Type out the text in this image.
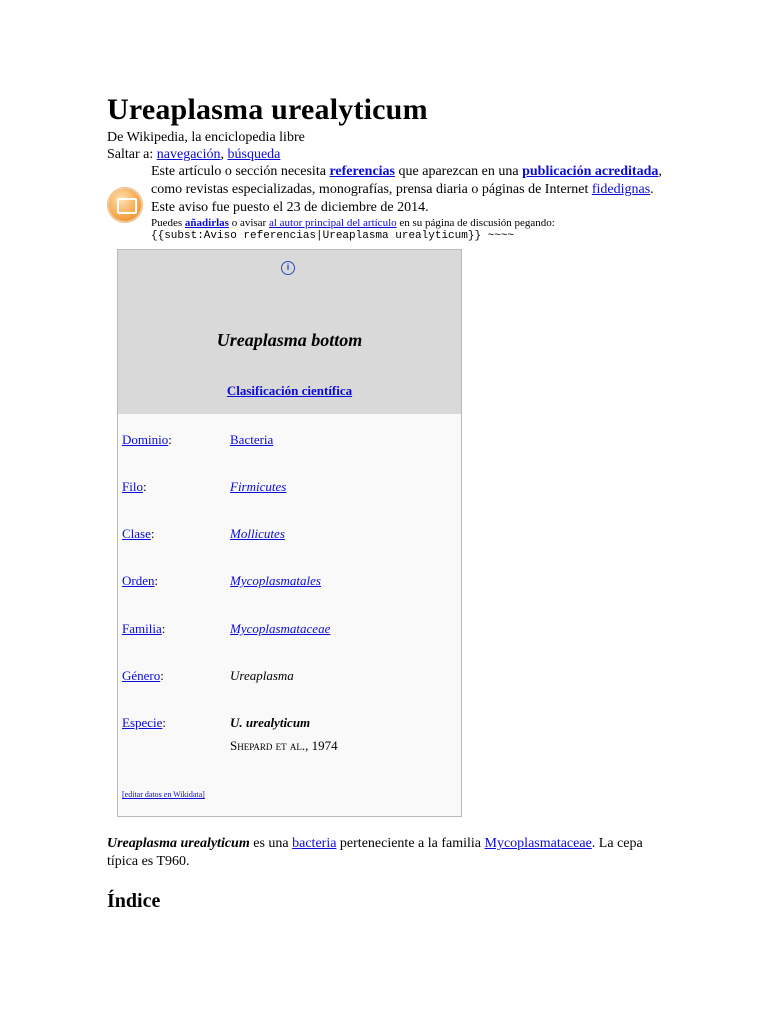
Ureaplasma urealyticum
De Wikipedia, la enciclopedia libre
Saltar a: navegación, búsqueda
Este artículo o sección necesita referencias que aparezcan en una publicación acreditada, como revistas especializadas, monografías, prensa diaria o páginas de Internet fidedignas. Este aviso fue puesto el 23 de diciembre de 2014.
Puedes añadirlas o avisar al autor principal del artículo en su página de discusión pegando:
{{subst:Aviso referencias|Ureaplasma urealyticum}} ~~~~
i
Ureaplasma bottom
Clasificación científica
Dominio:	Bacteria
Filo:	Firmicutes
Clase:	Mollicutes
Orden:	Mycoplasmatales
Familia:	Mycoplasmataceae
Género:	Ureaplasma
Especie:	U. urealyticum
Shepard et al., 1974
[editar datos en Wikidata]
Ureaplasma urealyticum es una bacteria perteneciente a la familia Mycoplasmataceae. La cepa típica es T960.
Índice
